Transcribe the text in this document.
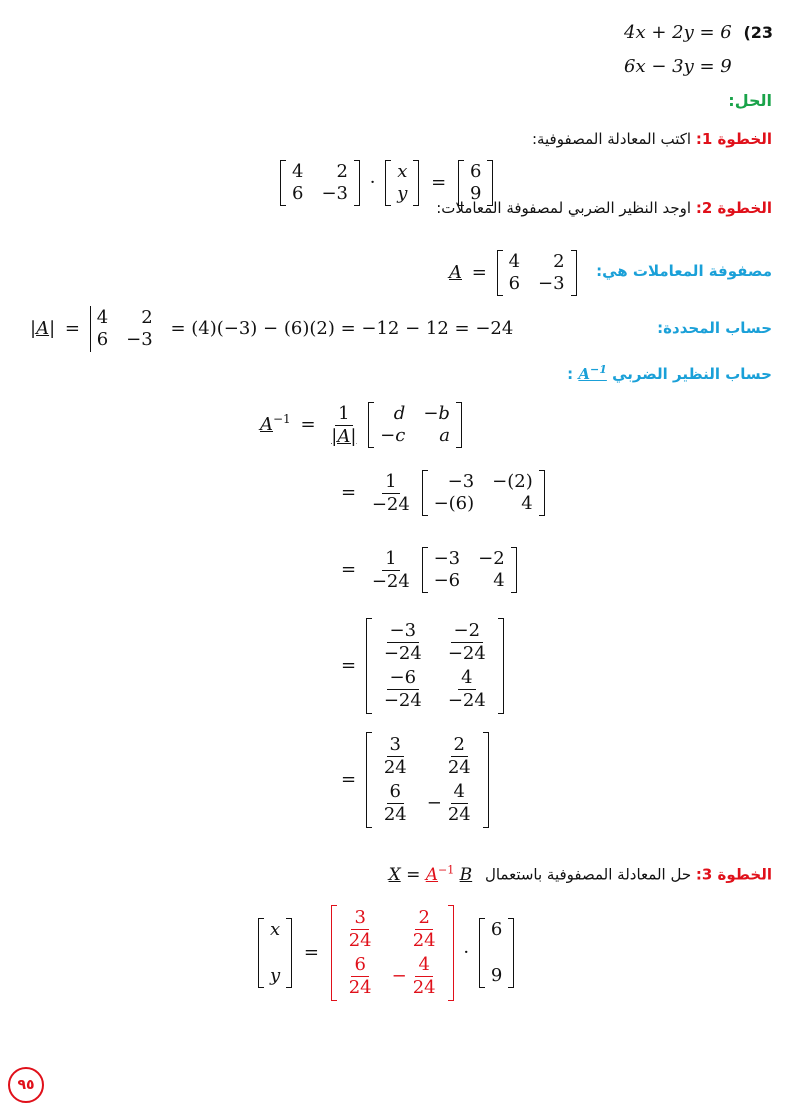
4x + 2y = 6 (23
6x − 3y = 9
الحل:
الخطوة 1: اكتب المعادلة المصفوفية:
4 2
6 −3
·
x
y
=
6
9
الخطوة 2: اوجد النظير الضربي لمصفوفة المعاملات:
A =
4 2
6 −3
مصفوفة المعاملات هي:
|A| =
4 2
6 −3
= (4)(−3) − (6)(2) = −12 − 12 = −24	حساب المحددة:
حساب النظير الضربي $A^{-1}$ :
$A^{-1} = \frac{1}{|A|}$
d −b
−c a
= $\frac{1}{-24}$
−3 −(2)
−(6)	4
= $\frac{1}{-24}$
−3 −2
−6 4
=
$\frac{-3}{-24} \frac{-2}{-24}$
$\frac{-6}{-24} \frac{4}{-24}$
=
$\frac{3}{24} \frac{2}{24}$
$\frac{6}{24} - \frac{4}{24}$
الخطوة 3: حل المعادلة المصفوفية باستعمال $X = A^{-1}$ B
x
y
=
$\frac{3}{24} \frac{2}{24}$
$\frac{6}{24} - \frac{4}{24}$
·
6
9
٩٥
